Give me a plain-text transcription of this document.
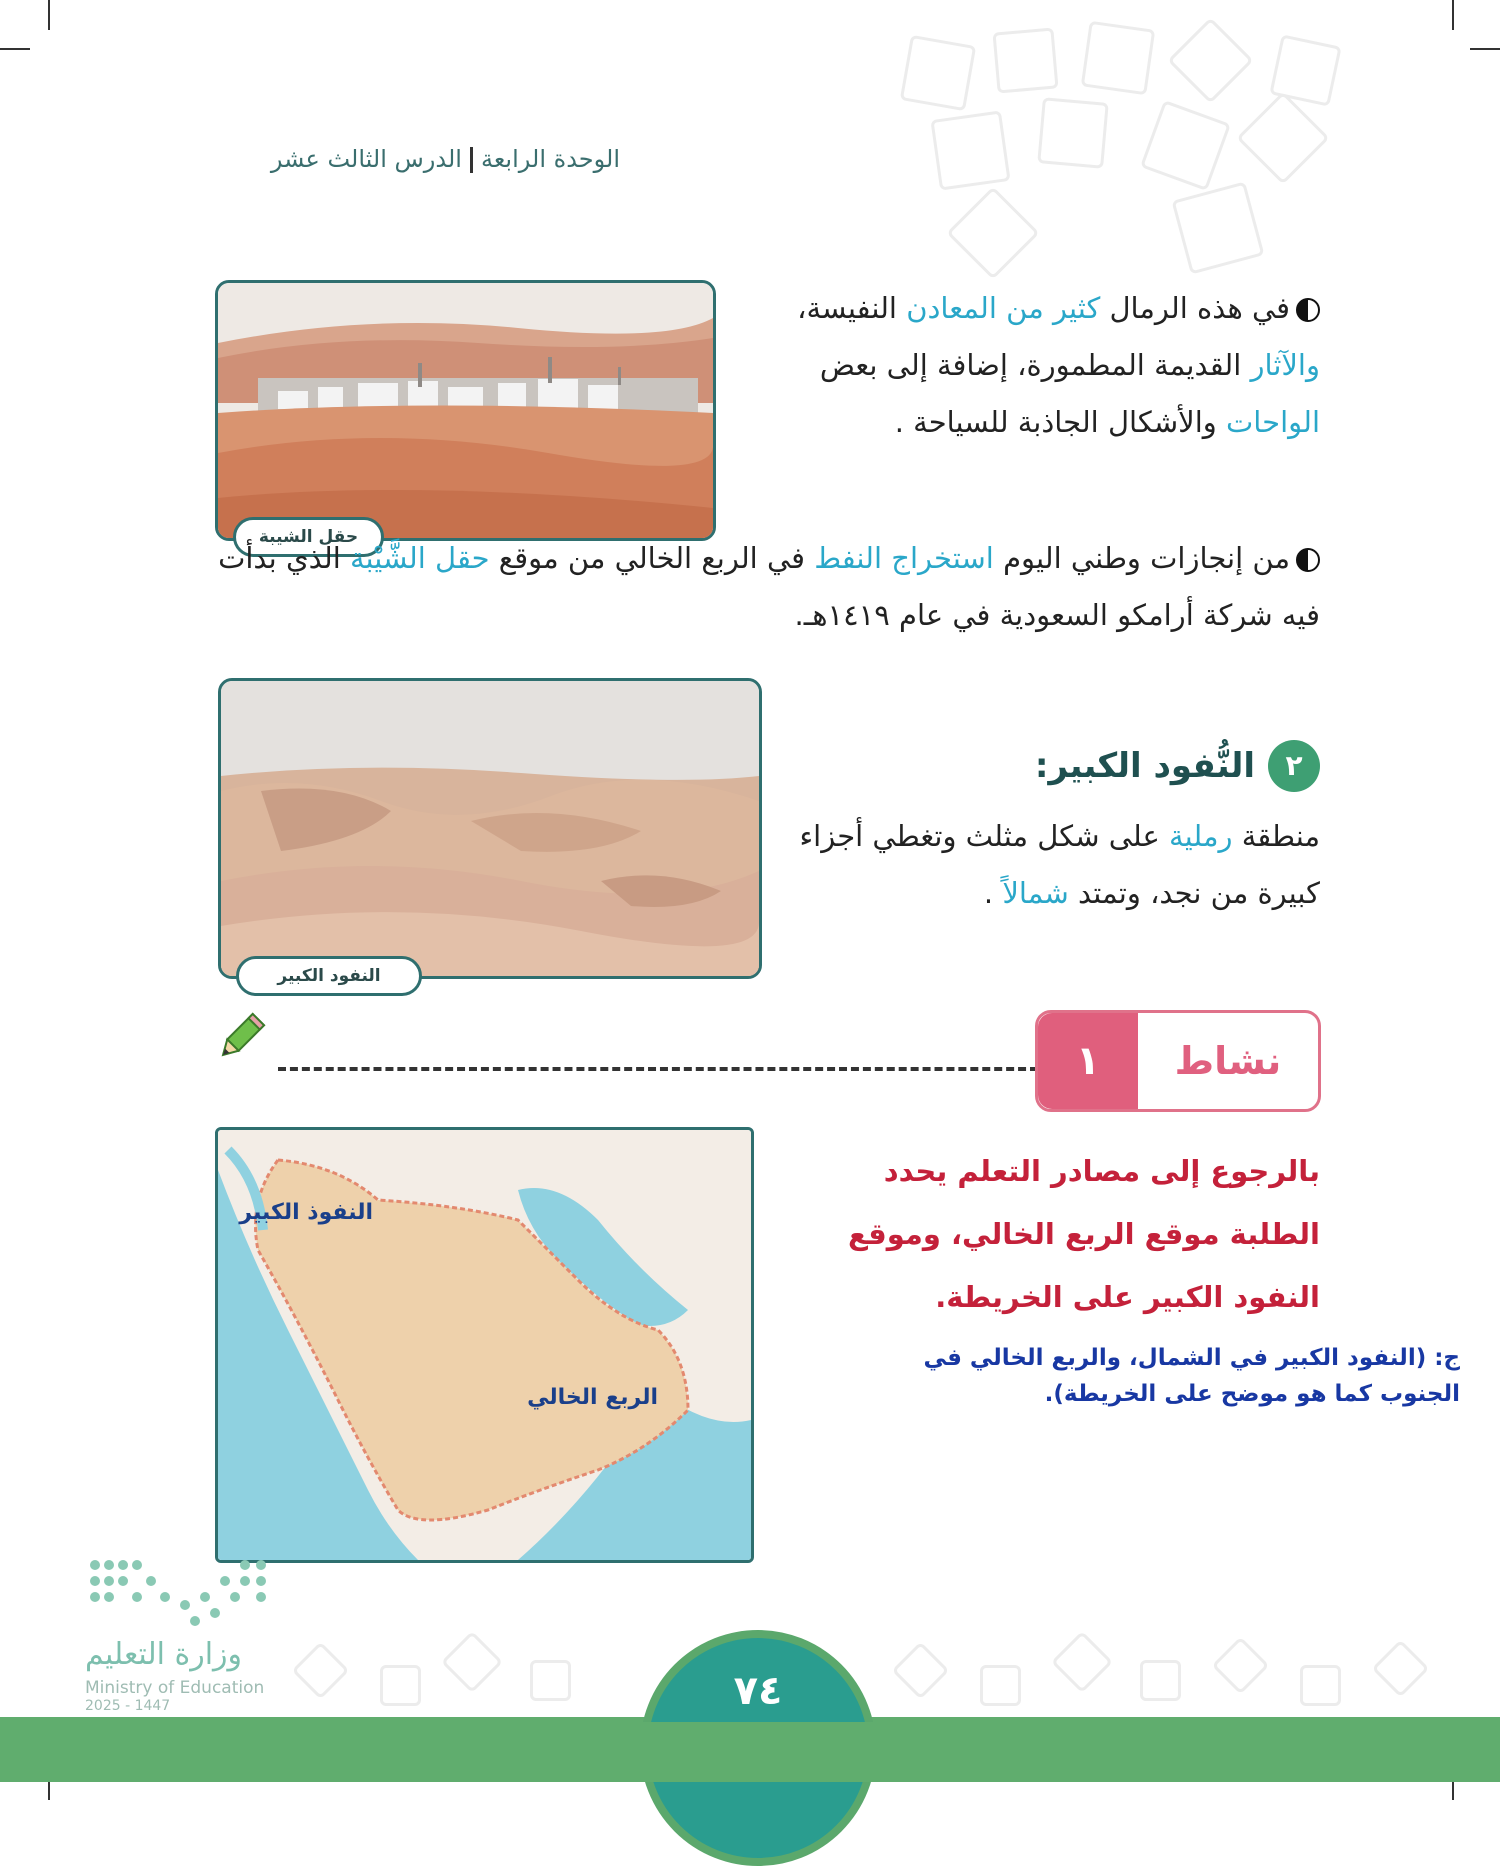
الوحدة الرابعةالدرس الثالث عشر
في هذه الرمال كثير من المعادن النفيسة، والآثار القديمة المطمورة، إضافة إلى بعض الواحات والأشكال الجاذبة للسياحة .
حقل الشيبة
من إنجازات وطني اليوم استخراج النفط في الربع الخالي من موقع حقل الشَّيْبة الذي بدأت فيه شركة أرامكو السعودية في عام ١٤١٩هـ.
النفود الكبير
٢
النُّفود الكبير:
منطقة رملية على شكل مثلث وتغطي أجزاء كبيرة من نجد، وتمتد شمالاً .
١	نشاط
النفوذ الكبير
الربع الخالي
بالرجوع إلى مصادر التعلم يحدد الطلبة موقع الربع الخالي، وموقع النفود الكبير على الخريطة.
ج: (النفود الكبير في الشمال، والربع الخالي في الجنوب كما هو موضح على الخريطة).
وزارة التعليم
Ministry of Education
2025 - 1447	٧٤
